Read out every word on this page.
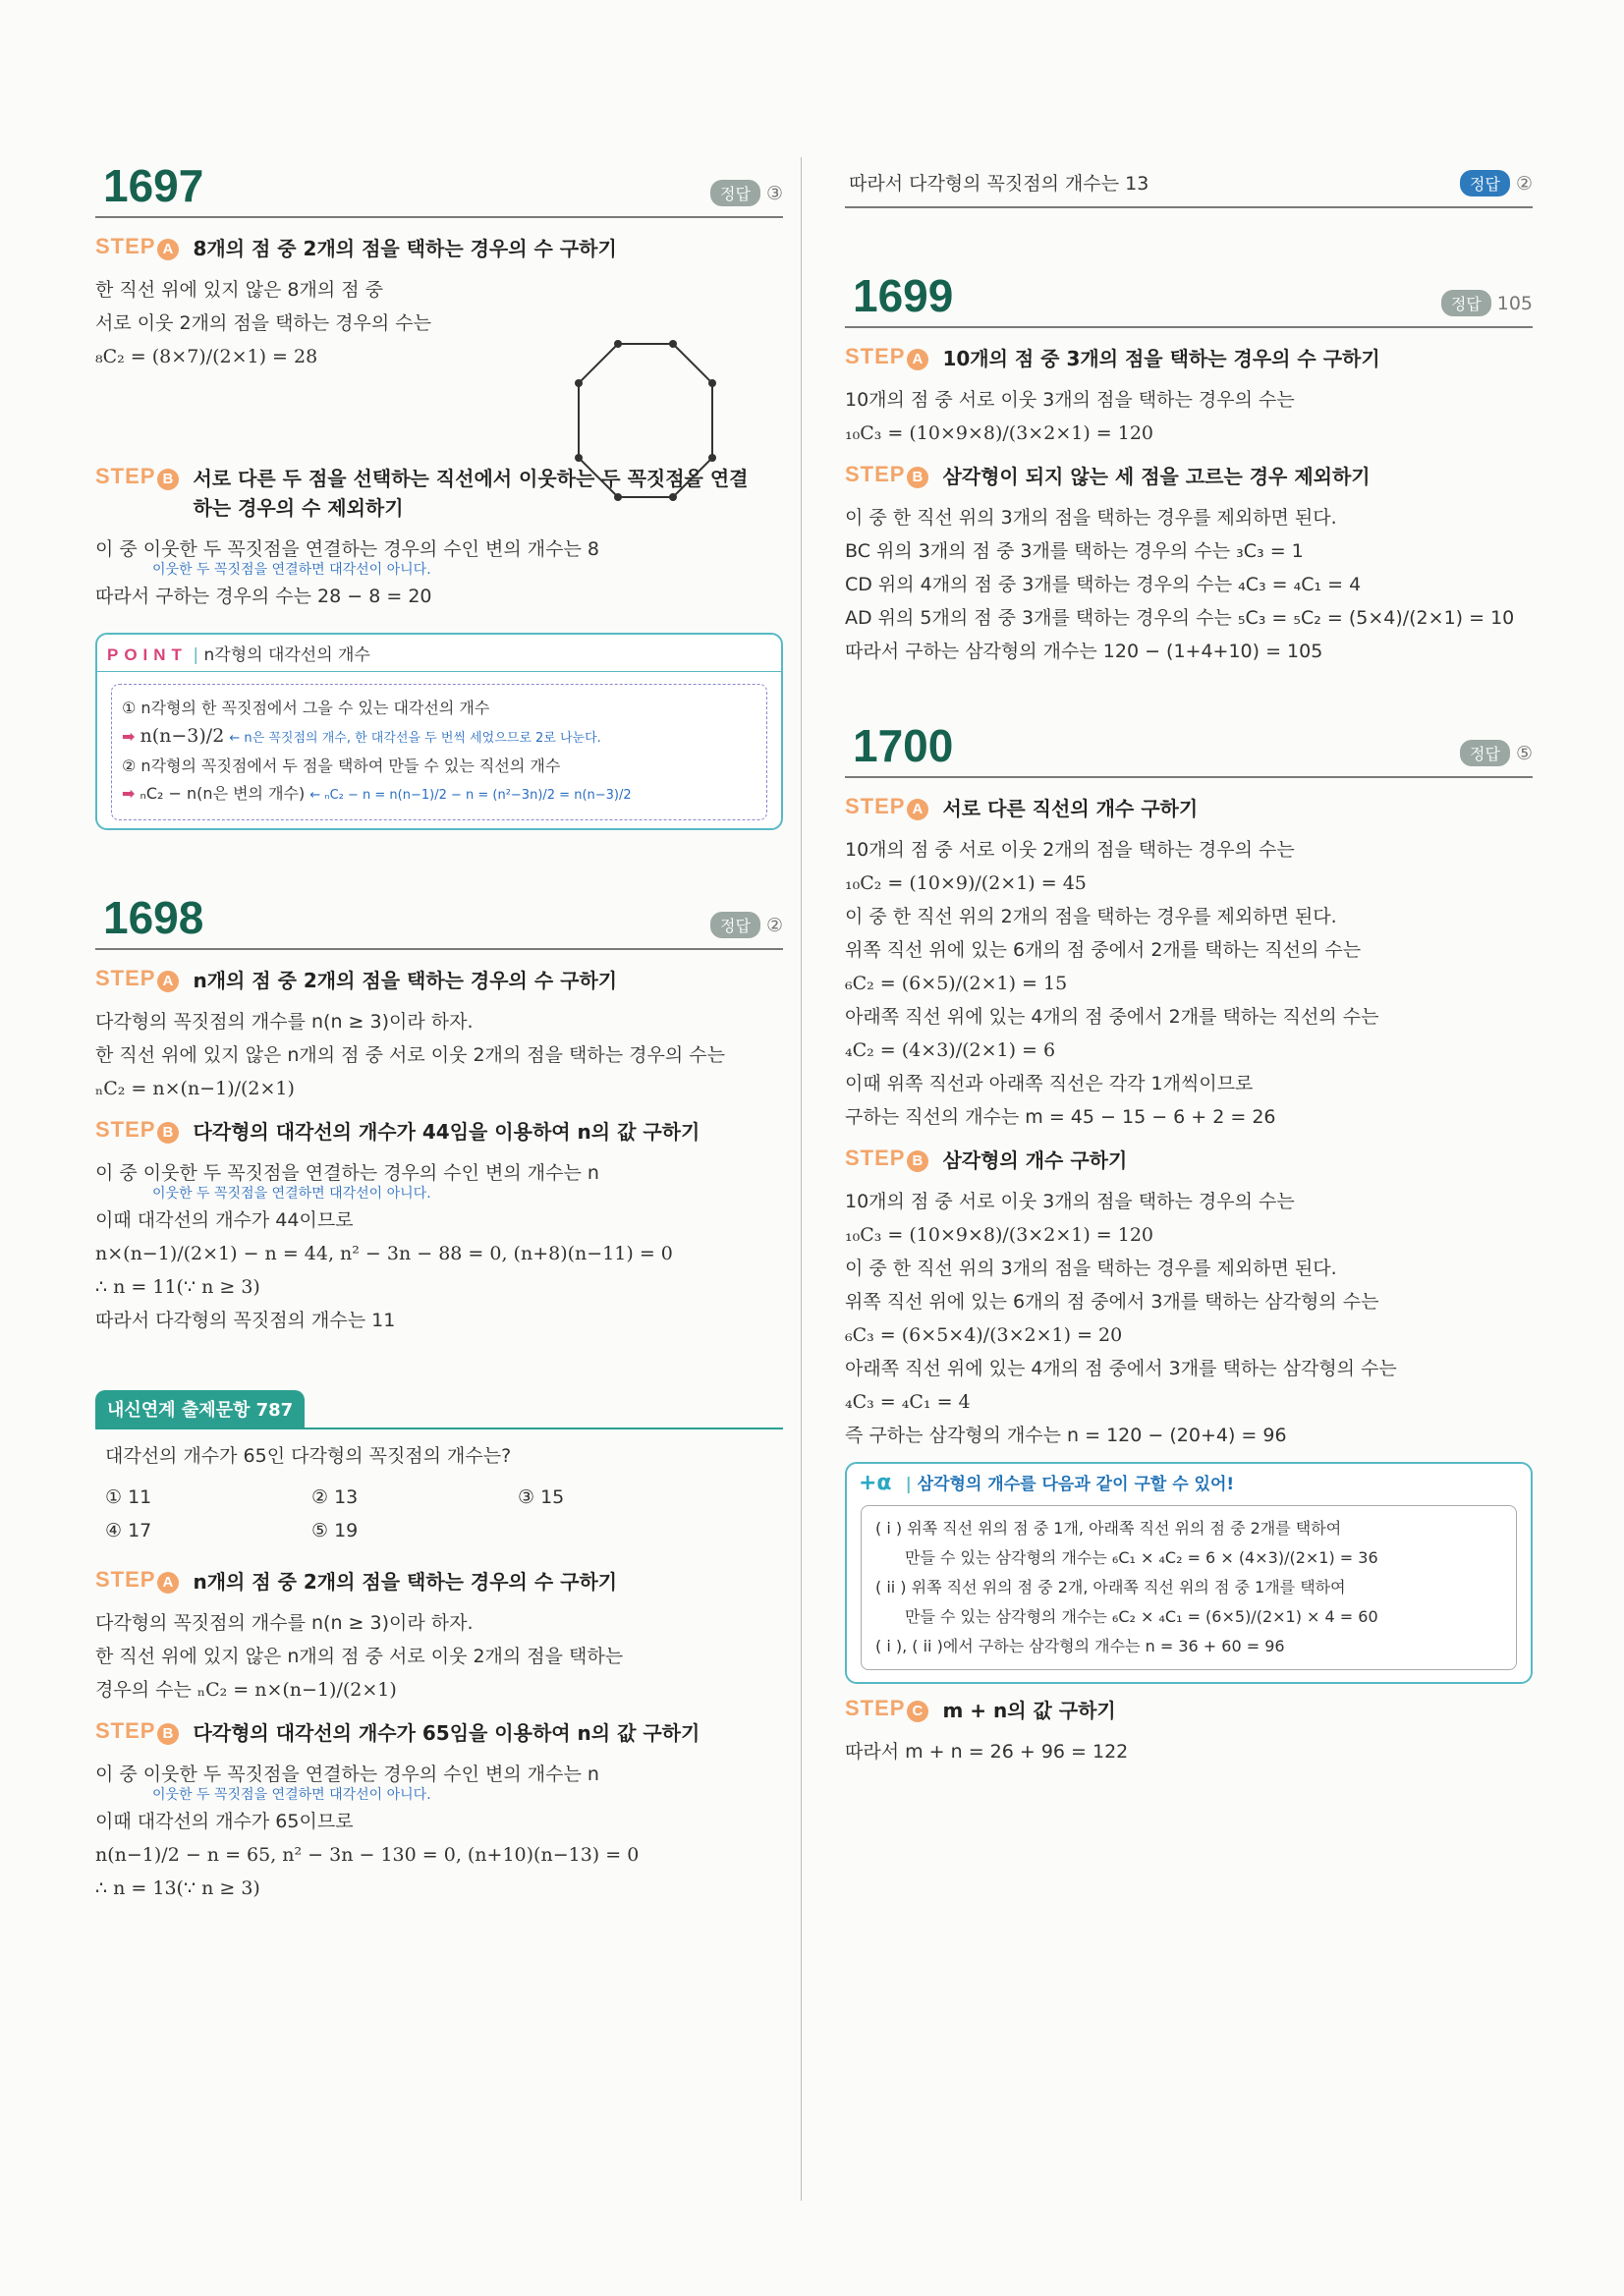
1697	정답 ③
STEP A 8개의 점 중 2개의 점을 택하는 경우의 수 구하기
한 직선 위에 있지 않은 8개의 점 중
서로 이웃 2개의 점을 택하는 경우의 수는
₈C₂ = (8×7)/(2×1) = 28
STEP B 서로 다른 두 점을 선택하는 직선에서 이웃하는 두 꼭짓점을 연결
하는 경우의 수 제외하기
이 중 이웃한 두 꼭짓점을 연결하는 경우의 수인 변의 개수는 8
이웃한 두 꼭짓점을 연결하면 대각선이 아니다.
따라서 구하는 경우의 수는 28 − 8 = 20
POINT | n각형의 대각선의 개수
① n각형의 한 꼭짓점에서 그을 수 있는 대각선의 개수
➡ n(n−3)/2 ← n은 꼭짓점의 개수, 한 대각선을 두 번씩 세었으므로 2로 나눈다.
② n각형의 꼭짓점에서 두 점을 택하여 만들 수 있는 직선의 개수
➡ ₙC₂ − n(n은 변의 개수) ← ₙC₂ − n = n(n−1)/2 − n = (n²−3n)/2 = n(n−3)/2
1698	정답 ②
STEP A n개의 점 중 2개의 점을 택하는 경우의 수 구하기
다각형의 꼭짓점의 개수를 n(n ≥ 3)이라 하자.
한 직선 위에 있지 않은 n개의 점 중 서로 이웃 2개의 점을 택하는 경우의 수는
ₙC₂ = n×(n−1)/(2×1)
STEP B 다각형의 대각선의 개수가 44임을 이용하여 n의 값 구하기
이 중 이웃한 두 꼭짓점을 연결하는 경우의 수인 변의 개수는 n
이웃한 두 꼭짓점을 연결하면 대각선이 아니다.
이때 대각선의 개수가 44이므로
n×(n−1)/(2×1) − n = 44, n² − 3n − 88 = 0, (n+8)(n−11) = 0
∴ n = 11(∵ n ≥ 3)
따라서 다각형의 꼭짓점의 개수는 11
내신연계 출제문항 787
대각선의 개수가 65인 다각형의 꼭짓점의 개수는?
① 11	② 13	③ 15
④ 17	⑤ 19
STEP A n개의 점 중 2개의 점을 택하는 경우의 수 구하기
다각형의 꼭짓점의 개수를 n(n ≥ 3)이라 하자.
한 직선 위에 있지 않은 n개의 점 중 서로 이웃 2개의 점을 택하는
경우의 수는 ₙC₂ = n×(n−1)/(2×1)
STEP B 다각형의 대각선의 개수가 65임을 이용하여 n의 값 구하기
이 중 이웃한 두 꼭짓점을 연결하는 경우의 수인 변의 개수는 n
이웃한 두 꼭짓점을 연결하면 대각선이 아니다.
이때 대각선의 개수가 65이므로
n(n−1)/2 − n = 65, n² − 3n − 130 = 0, (n+10)(n−13) = 0
∴ n = 13(∵ n ≥ 3)
따라서 다각형의 꼭짓점의 개수는 13	정답 ②
1699	정답 105
STEP A 10개의 점 중 3개의 점을 택하는 경우의 수 구하기
10개의 점 중 서로 이웃 3개의 점을 택하는 경우의 수는
₁₀C₃ = (10×9×8)/(3×2×1) = 120
STEP B 삼각형이 되지 않는 세 점을 고르는 경우 제외하기
이 중 한 직선 위의 3개의 점을 택하는 경우를 제외하면 된다.
BC 위의 3개의 점 중 3개를 택하는 경우의 수는 ₃C₃ = 1
CD 위의 4개의 점 중 3개를 택하는 경우의 수는 ₄C₃ = ₄C₁ = 4
AD 위의 5개의 점 중 3개를 택하는 경우의 수는 ₅C₃ = ₅C₂ = (5×4)/(2×1) = 10
따라서 구하는 삼각형의 개수는 120 − (1+4+10) = 105
1700	정답 ⑤
STEP A 서로 다른 직선의 개수 구하기
10개의 점 중 서로 이웃 2개의 점을 택하는 경우의 수는
₁₀C₂ = (10×9)/(2×1) = 45
이 중 한 직선 위의 2개의 점을 택하는 경우를 제외하면 된다.
위쪽 직선 위에 있는 6개의 점 중에서 2개를 택하는 직선의 수는
₆C₂ = (6×5)/(2×1) = 15
아래쪽 직선 위에 있는 4개의 점 중에서 2개를 택하는 직선의 수는
₄C₂ = (4×3)/(2×1) = 6
이때 위쪽 직선과 아래쪽 직선은 각각 1개씩이므로
구하는 직선의 개수는 m = 45 − 15 − 6 + 2 = 26
STEP B 삼각형의 개수 구하기
10개의 점 중 서로 이웃 3개의 점을 택하는 경우의 수는
₁₀C₃ = (10×9×8)/(3×2×1) = 120
이 중 한 직선 위의 3개의 점을 택하는 경우를 제외하면 된다.
위쪽 직선 위에 있는 6개의 점 중에서 3개를 택하는 삼각형의 수는
₆C₃ = (6×5×4)/(3×2×1) = 20
아래쪽 직선 위에 있는 4개의 점 중에서 3개를 택하는 삼각형의 수는
₄C₃ = ₄C₁ = 4
즉 구하는 삼각형의 개수는 n = 120 − (20+4) = 96
+α | 삼각형의 개수를 다음과 같이 구할 수 있어!
( i ) 위쪽 직선 위의 점 중 1개, 아래쪽 직선 위의 점 중 2개를 택하여
만들 수 있는 삼각형의 개수는 ₆C₁ × ₄C₂ = 6 × (4×3)/(2×1) = 36
( ii ) 위쪽 직선 위의 점 중 2개, 아래쪽 직선 위의 점 중 1개를 택하여
만들 수 있는 삼각형의 개수는 ₆C₂ × ₄C₁ = (6×5)/(2×1) × 4 = 60
( i ), ( ii )에서 구하는 삼각형의 개수는 n = 36 + 60 = 96
STEP C m + n의 값 구하기
따라서 m + n = 26 + 96 = 122
